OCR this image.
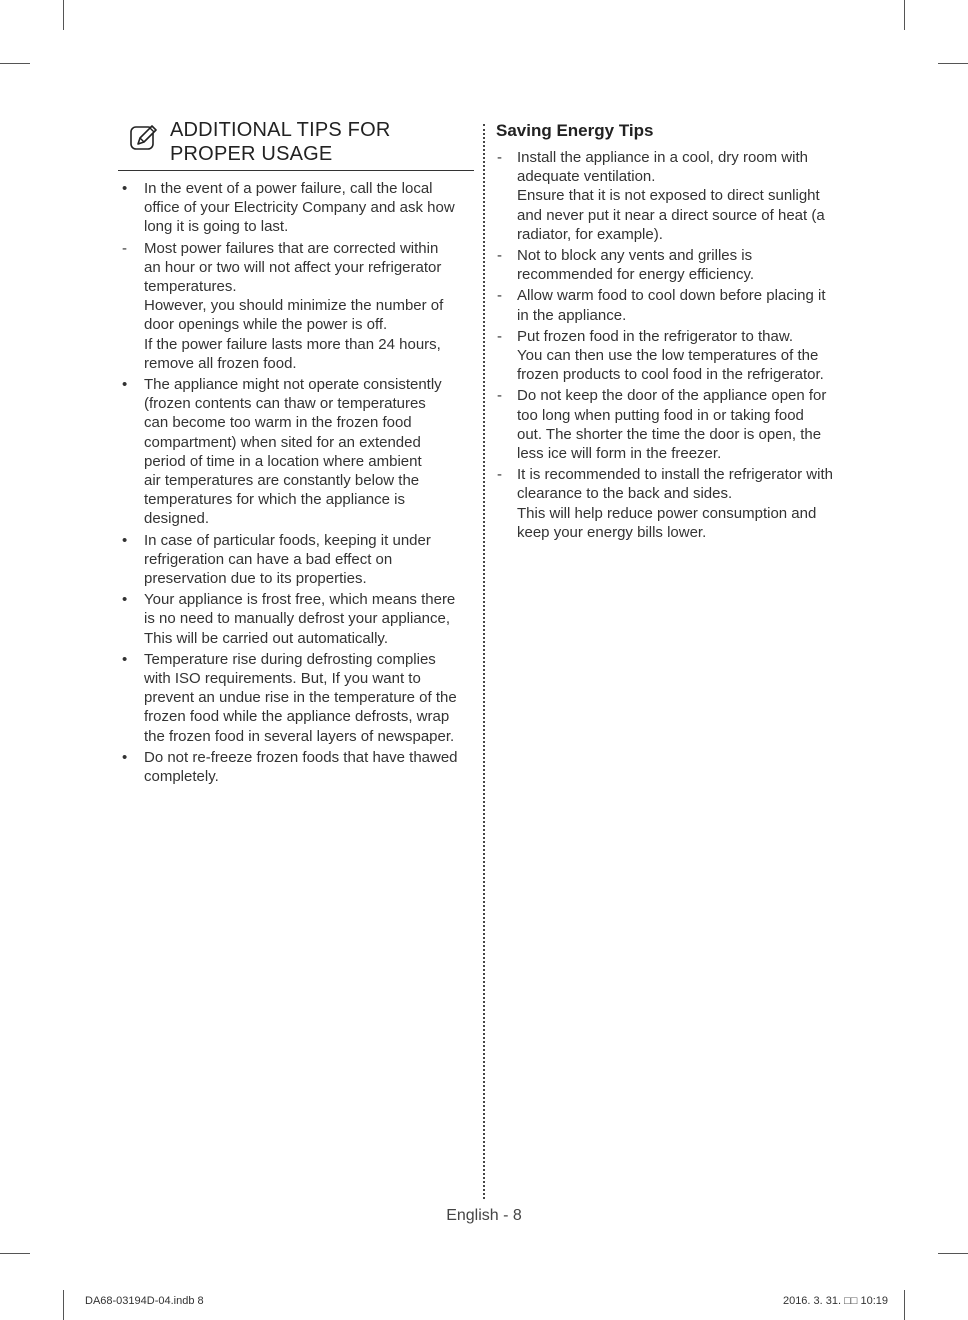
ADDITIONAL TIPS FOR
PROPER USAGE
•	In the event of a power failure, call the local
office of your Electricity Company and ask how
long it is going to last.
-	Most power failures that are corrected within
an hour or two will not affect your refrigerator
temperatures.
However, you should minimize the number of
door openings while the power is off.
If the power failure lasts more than 24 hours,
remove all frozen food.
•	The appliance might not operate consistently
(frozen contents can thaw or temperatures
can become too warm in the frozen food
compartment) when sited for an extended
period of time in a location where ambient
air temperatures are constantly below the
temperatures for which the appliance is
designed.
•	In case of particular foods, keeping it under
refrigeration can have a bad effect on
preservation due to its properties.
•	Your appliance is frost free, which means there
is no need to manually defrost your appliance,
This will be carried out automatically.
•	Temperature rise during defrosting complies
with ISO requirements. But, If you want to
prevent an undue rise in the temperature of the
frozen food while the appliance defrosts, wrap
the frozen food in several layers of newspaper.
•	Do not re-freeze frozen foods that have thawed
completely.
Saving Energy Tips
-	Install the appliance in a cool, dry room with
adequate ventilation.
Ensure that it is not exposed to direct sunlight
and never put it near a direct source of heat (a
radiator, for example).
-	Not to block any vents and grilles is
recommended for energy efficiency.
-	Allow warm food to cool down before placing it
in the appliance.
-	Put frozen food in the refrigerator to thaw.
You can then use the low temperatures of the
frozen products to cool food in the refrigerator.
-	Do not keep the door of the appliance open for
too long when putting food in or taking food
out. The shorter the time the door is open, the
less ice will form in the freezer.
-	It is recommended to install the refrigerator with
clearance to the back and sides.
This will help reduce power consumption and
keep your energy bills lower.
English - 8
DA68-03194D-04.indb 8	2016. 3. 31. □□ 10:19
